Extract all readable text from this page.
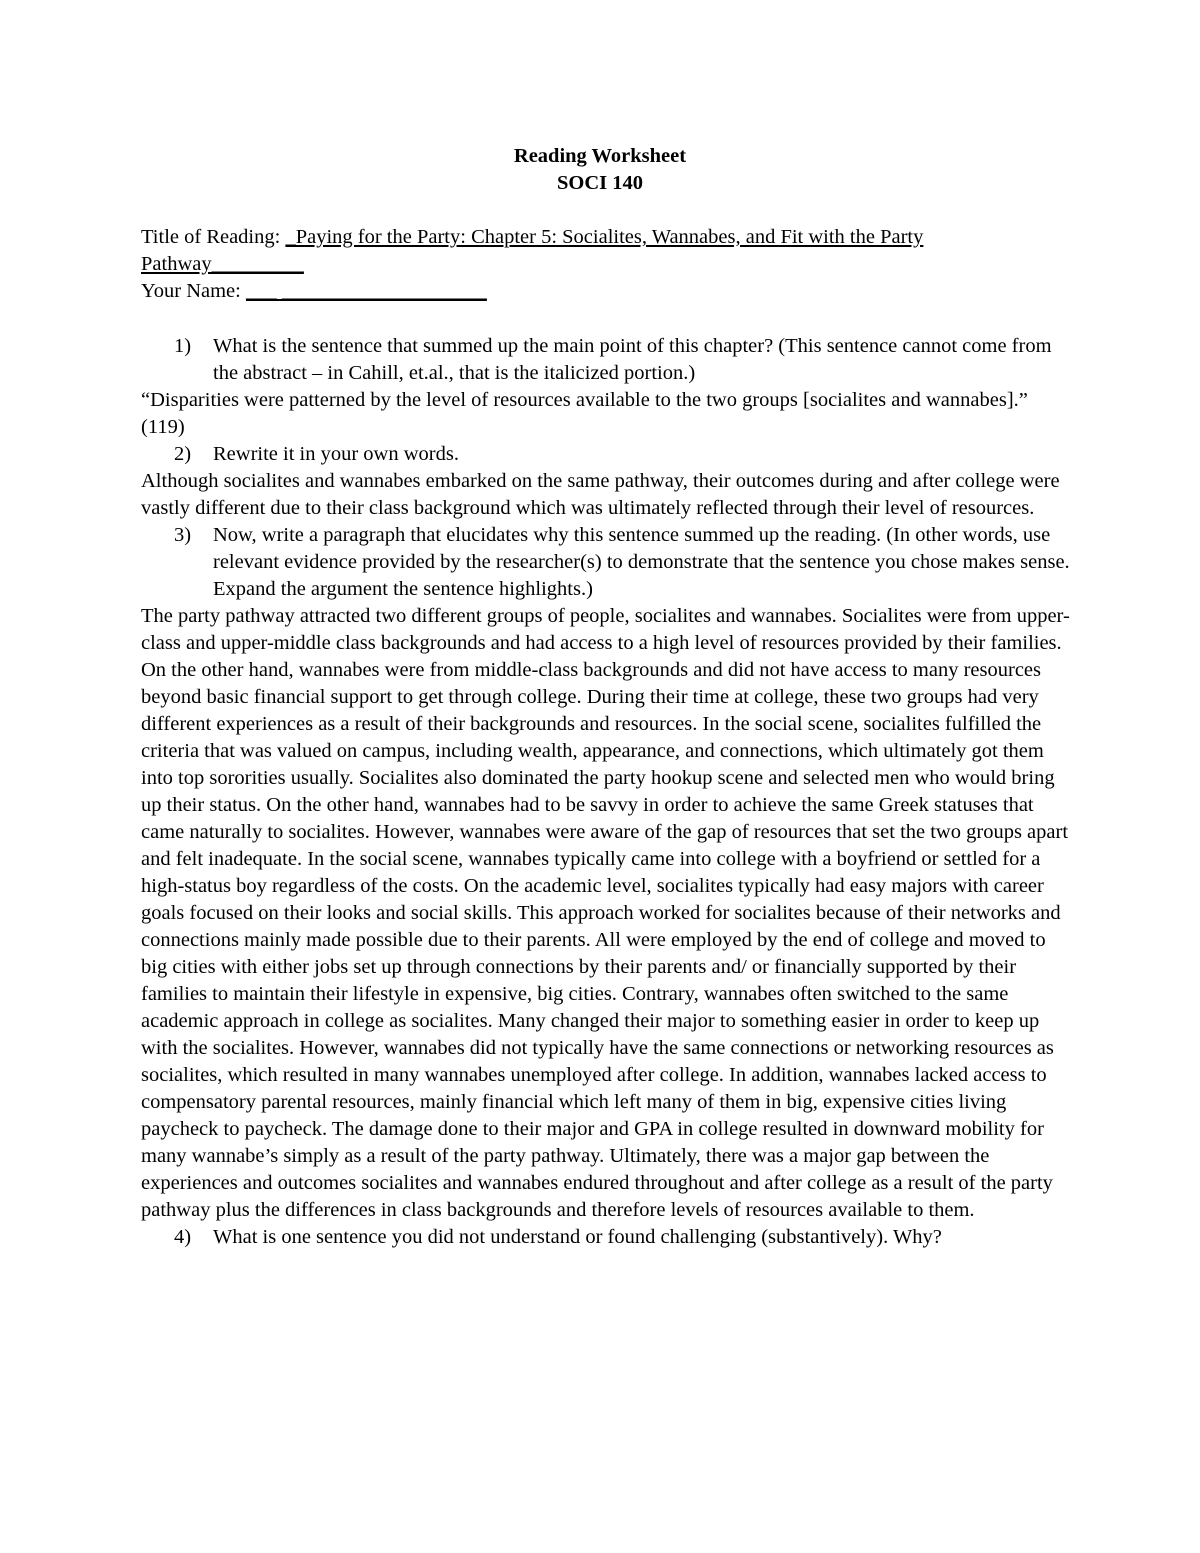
Reading Worksheet
SOCI 140
Title of Reading: _Paying for the Party: Chapter 5: Socialites, Wannabes, and Fit with the Party
Pathway_________
Your Name: ___ ____________________
1) What is the sentence that summed up the main point of this chapter? (This sentence cannot come from the abstract – in Cahill, et.al., that is the italicized portion.)
“Disparities were patterned by the level of resources available to the two groups [socialites and wannabes].” (119)
2) Rewrite it in your own words.
Although socialites and wannabes embarked on the same pathway, their outcomes during and after college were vastly different due to their class background which was ultimately reflected through their level of resources.
3) Now, write a paragraph that elucidates why this sentence summed up the reading. (In other words, use relevant evidence provided by the researcher(s) to demonstrate that the sentence you chose makes sense. Expand the argument the sentence highlights.)
The party pathway attracted two different groups of people, socialites and wannabes. Socialites were from upper-class and upper-middle class backgrounds and had access to a high level of resources provided by their families. On the other hand, wannabes were from middle-class backgrounds and did not have access to many resources beyond basic financial support to get through college. During their time at college, these two groups had very different experiences as a result of their backgrounds and resources. In the social scene, socialites fulfilled the criteria that was valued on campus, including wealth, appearance, and connections, which ultimately got them into top sororities usually. Socialites also dominated the party hookup scene and selected men who would bring up their status. On the other hand, wannabes had to be savvy in order to achieve the same Greek statuses that came naturally to socialites. However, wannabes were aware of the gap of resources that set the two groups apart and felt inadequate. In the social scene, wannabes typically came into college with a boyfriend or settled for a high-status boy regardless of the costs. On the academic level, socialites typically had easy majors with career goals focused on their looks and social skills. This approach worked for socialites because of their networks and connections mainly made possible due to their parents. All were employed by the end of college and moved to big cities with either jobs set up through connections by their parents and/ or financially supported by their families to maintain their lifestyle in expensive, big cities. Contrary, wannabes often switched to the same academic approach in college as socialites. Many changed their major to something easier in order to keep up with the socialites. However, wannabes did not typically have the same connections or networking resources as socialites, which resulted in many wannabes unemployed after college. In addition, wannabes lacked access to compensatory parental resources, mainly financial which left many of them in big, expensive cities living paycheck to paycheck. The damage done to their major and GPA in college resulted in downward mobility for many wannabe’s simply as a result of the party pathway. Ultimately, there was a major gap between the experiences and outcomes socialites and wannabes endured throughout and after college as a result of the party pathway plus the differences in class backgrounds and therefore levels of resources available to them.
4) What is one sentence you did not understand or found challenging (substantively). Why?
